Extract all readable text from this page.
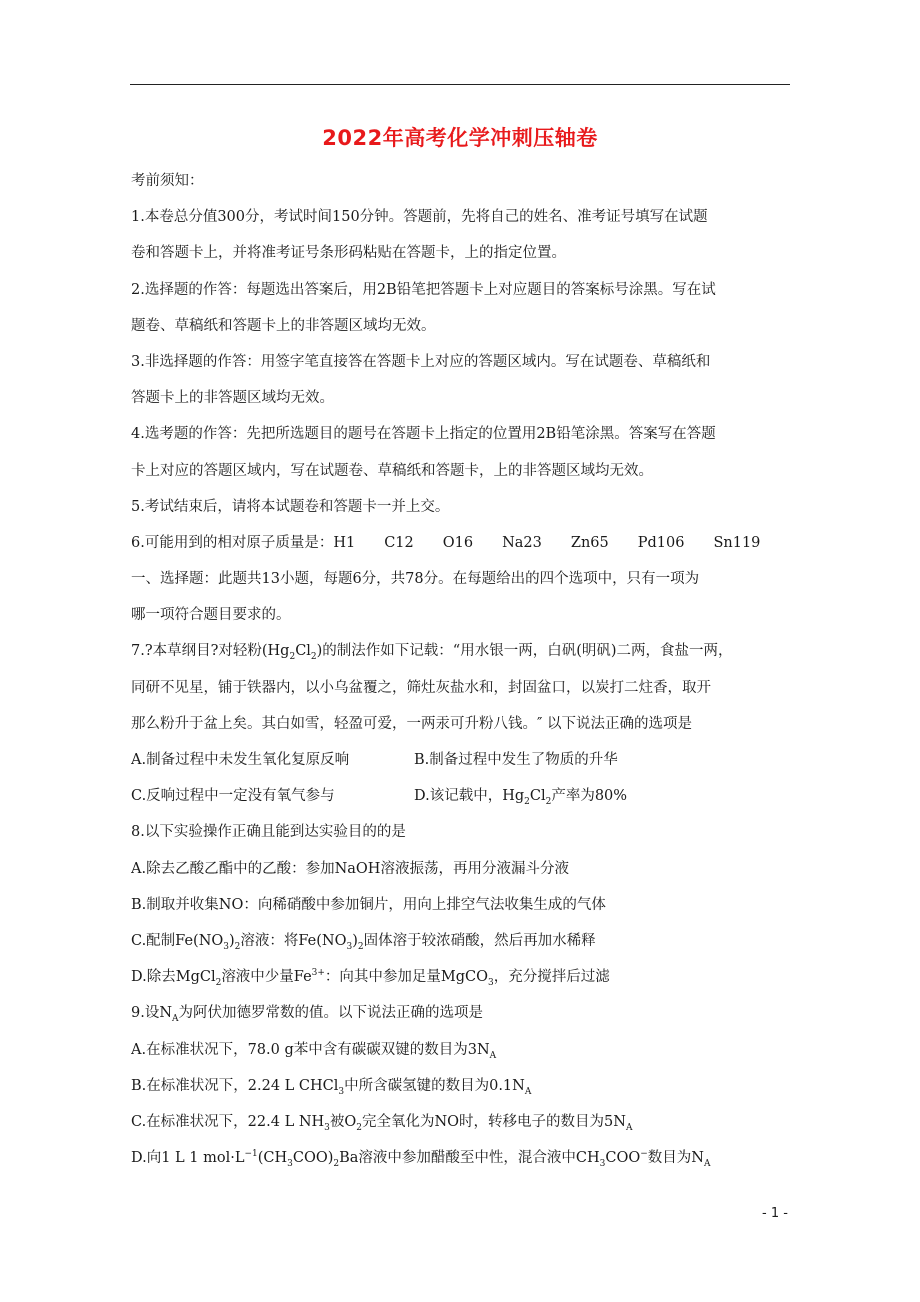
2022年高考化学冲刺压轴卷
考前须知：
1.本卷总分值300分，考试时间150分钟。答题前，先将自己的姓名、准考证号填写在试题
卷和答题卡上，并将准考证号条形码粘贴在答题卡，上的指定位置。
2.选择题的作答：每题选出答案后，用2B铅笔把答题卡上对应题目的答案标号涂黑。写在试
题卷、草稿纸和答题卡上的非答题区域均无效。
3.非选择题的作答：用签字笔直接答在答题卡上对应的答题区域内。写在试题卷、草稿纸和
答题卡上的非答题区域均无效。
4.选考题的作答：先把所选题目的题号在答题卡上指定的位置用2B铅笔涂黑。答案写在答题
卡上对应的答题区域内，写在试题卷、草稿纸和答题卡，上的非答题区域均无效。
5.考试结束后，请将本试题卷和答题卡一并上交。
6.可能用到的相对原子质量是：H1　　C12　　O16　　Na23　　Zn65　　Pd106　　Sn119
一、选择题：此题共13小题，每题6分，共78分。在每题给出的四个选项中，只有一项为
哪一项符合题目要求的。
7.?本草纲目?对轻粉$(Hg_2Cl_2)$的制法作如下记载：“用水银一两，白矾(明矾)二两，食盐一两，
同研不见星，铺于铁器内，以小乌盆覆之，筛灶灰盐水和，封固盆口，以炭打二炷香，取开
那么粉升于盆上矣。其白如雪，轻盈可爱，一两汞可升粉八钱。″ 以下说法正确的选项是
A.制备过程中未发生氧化复原反响	B.制备过程中发生了物质的升华
C.反响过程中一定没有氧气参与	D.该记载中，$Hg_2Cl_2$产率为80%
8.以下实验操作正确且能到达实验目的的是
A.除去乙酸乙酯中的乙酸：参加NaOH溶液振荡，再用分液漏斗分液
B.制取并收集NO：向稀硝酸中参加铜片，用向上排空气法收集生成的气体
C.配制$Fe(NO_3)_2$溶液：将$Fe(NO_3)_2$固体溶于较浓硝酸，然后再加水稀释
D.除去MgCl$_2$溶液中少量$Fe^{3+}$：向其中参加足量MgCO$_3$，充分搅拌后过滤
9.设$N_A$为阿伏加德罗常数的值。以下说法正确的选项是
A.在标准状况下，78.0 g苯中含有碳碳双键的数目为$3N_A$
B.在标准状况下，2.24 L CHCl$_3$中所含碳氢键的数目为$0.1N_A$
C.在标准状况下，22.4 L $NH_3$被$O_2$完全氧化为NO时，转移电子的数目为$5N_A$
D.向1 L 1 $mol\cdot L^{-1}(CH_3COO)_2Ba$溶液中参加醋酸至中性，混合液中$CH_3COO^-$数目为$N_A$
- 1 -
